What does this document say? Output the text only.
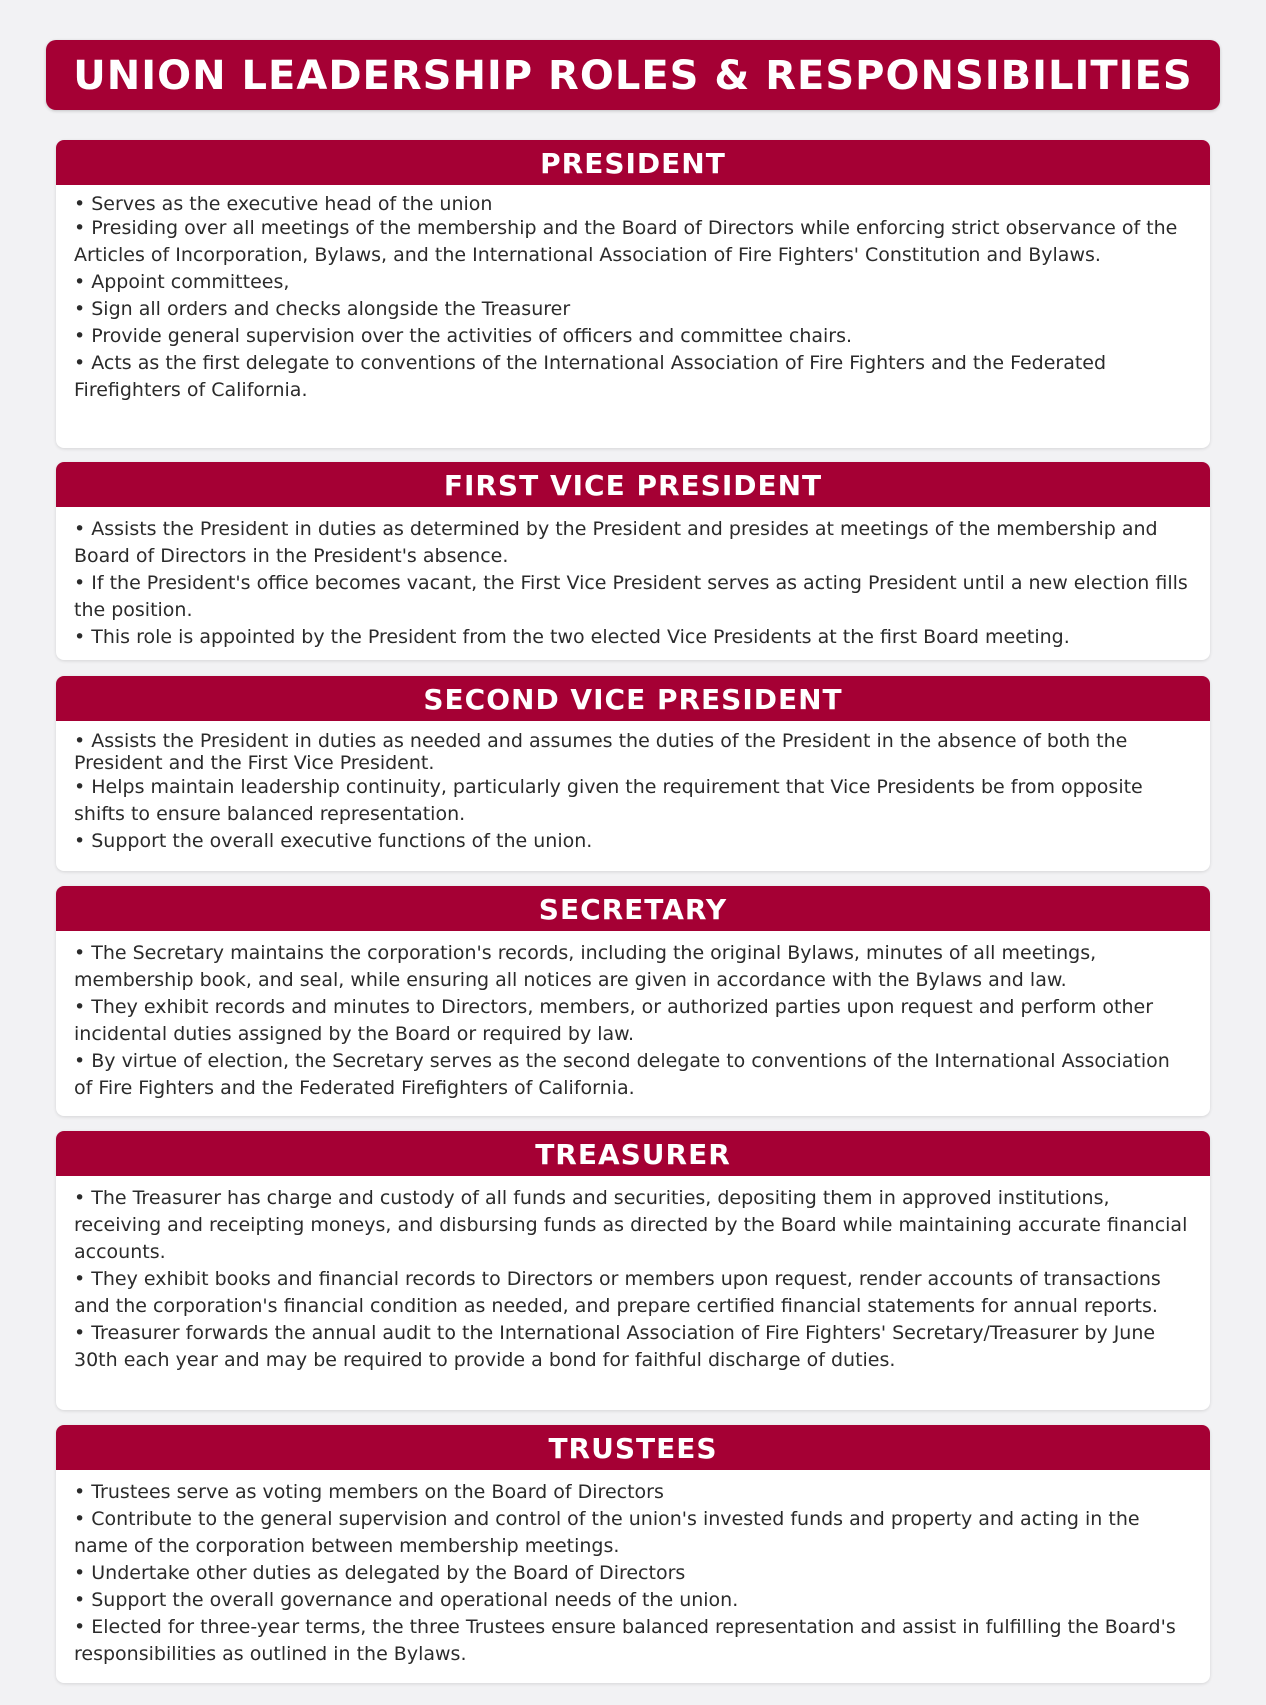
UNION LEADERSHIP ROLES & RESPONSIBILITIES
PRESIDENT

• Serves as the executive head of the union

• Presiding over all meetings of the membership and the Board of Directors while enforcing strict observance of the Articles of Incorporation, Bylaws, and the International Association of Fire Fighters' Constitution and Bylaws.

• Appoint committees,

• Sign all orders and checks alongside the Treasurer

• Provide general supervision over the activities of officers and committee chairs.

• Acts as the first delegate to conventions of the International Association of Fire Fighters and the Federated Firefighters of California.

FIRST VICE PRESIDENT

• Assists the President in duties as determined by the President and presides at meetings of the membership and Board of Directors in the President's absence.

• If the President's office becomes vacant, the First Vice President serves as acting President until a new election fills the position.

• This role is appointed by the President from the two elected Vice Presidents at the first Board meeting.

SECOND VICE PRESIDENT

• Assists the President in duties as needed and assumes the duties of the President in the absence of both the President and the First Vice President.

• Helps maintain leadership continuity, particularly given the requirement that Vice Presidents be from opposite shifts to ensure balanced representation.

• Support the overall executive functions of the union.

SECRETARY

• The Secretary maintains the corporation's records, including the original Bylaws, minutes of all meetings, membership book, and seal, while ensuring all notices are given in accordance with the Bylaws and law.

• They exhibit records and minutes to Directors, members, or authorized parties upon request and perform other incidental duties assigned by the Board or required by law.

• By virtue of election, the Secretary serves as the second delegate to conventions of the International Association of Fire Fighters and the Federated Firefighters of California.

TREASURER

• The Treasurer has charge and custody of all funds and securities, depositing them in approved institutions, receiving and receipting moneys, and disbursing funds as directed by the Board while maintaining accurate financial accounts.

• They exhibit books and financial records to Directors or members upon request, render accounts of transactions and the corporation's financial condition as needed, and prepare certified financial statements for annual reports.

• Treasurer forwards the annual audit to the International Association of Fire Fighters' Secretary/Treasurer by June 30th each year and may be required to provide a bond for faithful discharge of duties.

TRUSTEES

• Trustees serve as voting members on the Board of Directors

• Contribute to the general supervision and control of the union's invested funds and property and acting in the name of the corporation between membership meetings.

• Undertake other duties as delegated by the Board of Directors

• Support the overall governance and operational needs of the union.

• Elected for three-year terms, the three Trustees ensure balanced representation and assist in fulfilling the Board's responsibilities as outlined in the Bylaws.
